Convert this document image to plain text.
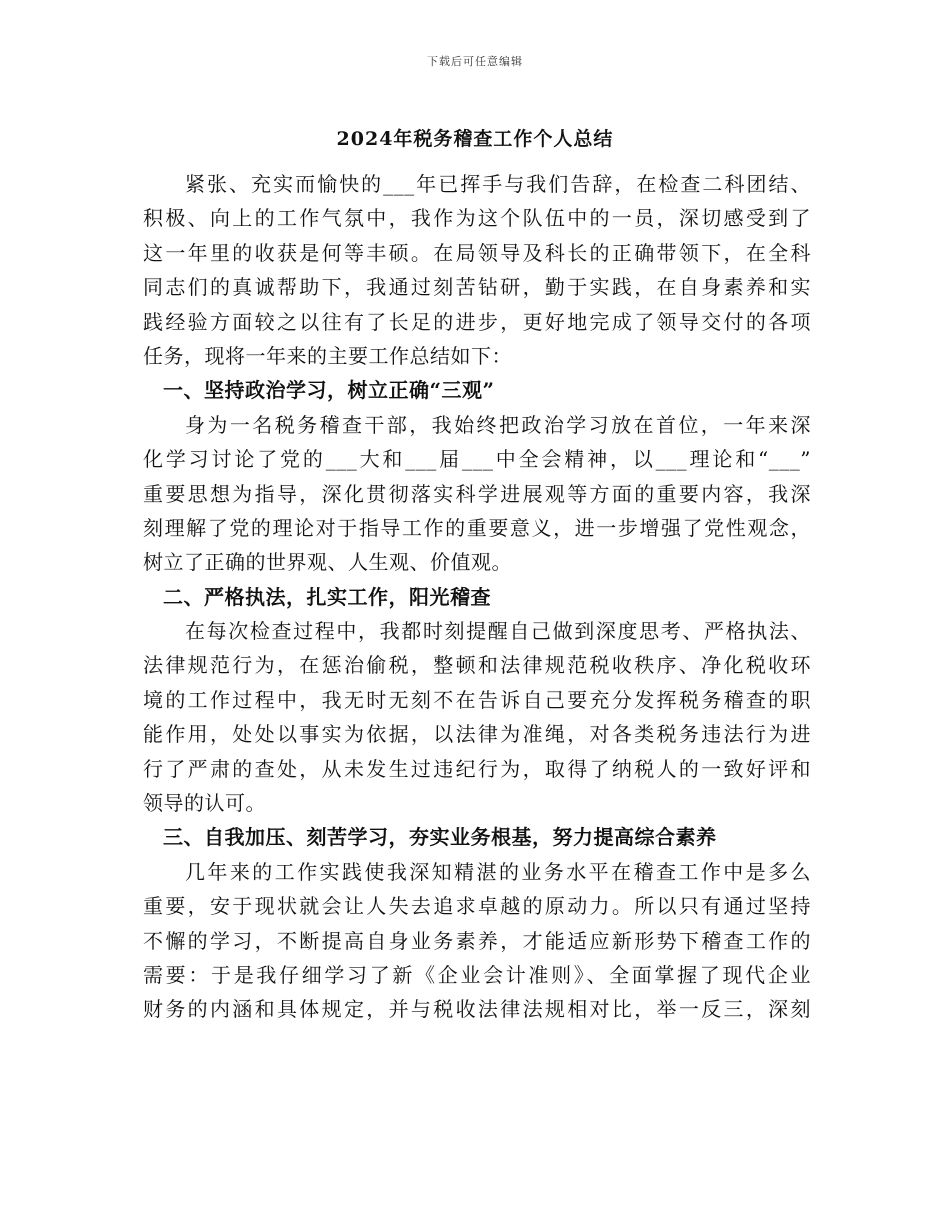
下载后可任意编辑
2024年税务稽查工作个人总结
紧张、充实而愉快的___年已挥手与我们告辞，在检查二科团结、
积极、向上的工作气氛中，我作为这个队伍中的一员，深切感受到了
这一年里的收获是何等丰硕。在局领导及科长的正确带领下，在全科
同志们的真诚帮助下，我通过刻苦钻研，勤于实践，在自身素养和实
践经验方面较之以往有了长足的进步，更好地完成了领导交付的各项
任务，现将一年来的主要工作总结如下：
一、坚持政治学习，树立正确“三观”
身为一名税务稽查干部，我始终把政治学习放在首位，一年来深
化学习讨论了党的___大和___届___中全会精神，以___理论和“___”
重要思想为指导，深化贯彻落实科学进展观等方面的重要内容，我深
刻理解了党的理论对于指导工作的重要意义，进一步增强了党性观念，
树立了正确的世界观、人生观、价值观。
二、严格执法，扎实工作，阳光稽查
在每次检查过程中，我都时刻提醒自己做到深度思考、严格执法、
法律规范行为，在惩治偷税，整顿和法律规范税收秩序、净化税收环
境的工作过程中，我无时无刻不在告诉自己要充分发挥税务稽查的职
能作用，处处以事实为依据，以法律为准绳，对各类税务违法行为进
行了严肃的查处，从未发生过违纪行为，取得了纳税人的一致好评和
领导的认可。
三、自我加压、刻苦学习，夯实业务根基，努力提高综合素养
几年来的工作实践使我深知精湛的业务水平在稽查工作中是多么
重要，安于现状就会让人失去追求卓越的原动力。所以只有通过坚持
不懈的学习，不断提高自身业务素养，才能适应新形势下稽查工作的
需要：于是我仔细学习了新《企业会计准则》、全面掌握了现代企业
财务的内涵和具体规定，并与税收法律法规相对比，举一反三，深刻
